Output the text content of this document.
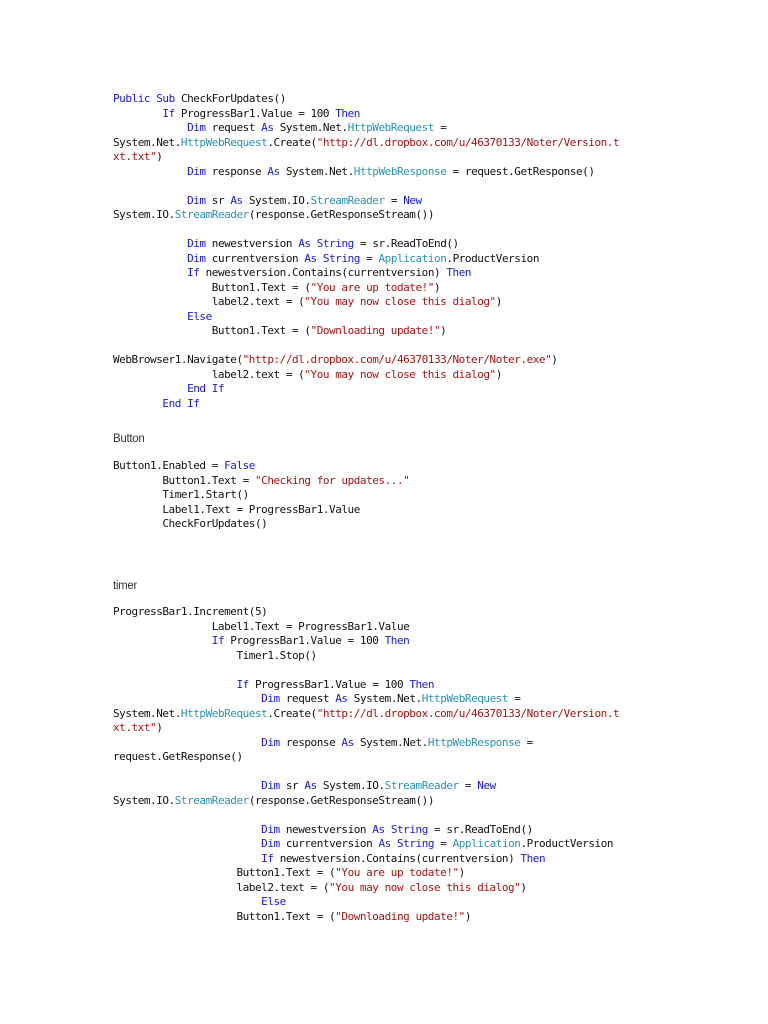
Public Sub CheckForUpdates()
If ProgressBar1.Value = 100 Then
Dim request As System.Net.HttpWebRequest =
System.Net.HttpWebRequest.Create("http://dl.dropbox.com/u/46370133/Noter/Version.t
xt.txt")
Dim response As System.Net.HttpWebResponse = request.GetResponse()
Dim sr As System.IO.StreamReader = New
System.IO.StreamReader(response.GetResponseStream())
Dim newestversion As String = sr.ReadToEnd()
Dim currentversion As String = Application.ProductVersion
If newestversion.Contains(currentversion) Then
Button1.Text = ("You are up todate!")
label2.text = ("You may now close this dialog")
Else
Button1.Text = ("Downloading update!")
WebBrowser1.Navigate("http://dl.dropbox.com/u/46370133/Noter/Noter.exe")
label2.text = ("You may now close this dialog")
End If
End If
Button
Button1.Enabled = False
Button1.Text = "Checking for updates..."
Timer1.Start()
Label1.Text = ProgressBar1.Value
CheckForUpdates()
timer
ProgressBar1.Increment(5)
Label1.Text = ProgressBar1.Value
If ProgressBar1.Value = 100 Then
Timer1.Stop()
If ProgressBar1.Value = 100 Then
Dim request As System.Net.HttpWebRequest =
System.Net.HttpWebRequest.Create("http://dl.dropbox.com/u/46370133/Noter/Version.t
xt.txt")
Dim response As System.Net.HttpWebResponse =
request.GetResponse()
Dim sr As System.IO.StreamReader = New
System.IO.StreamReader(response.GetResponseStream())
Dim newestversion As String = sr.ReadToEnd()
Dim currentversion As String = Application.ProductVersion
If newestversion.Contains(currentversion) Then
Button1.Text = ("You are up todate!")
label2.text = ("You may now close this dialog")
Else
Button1.Text = ("Downloading update!")
